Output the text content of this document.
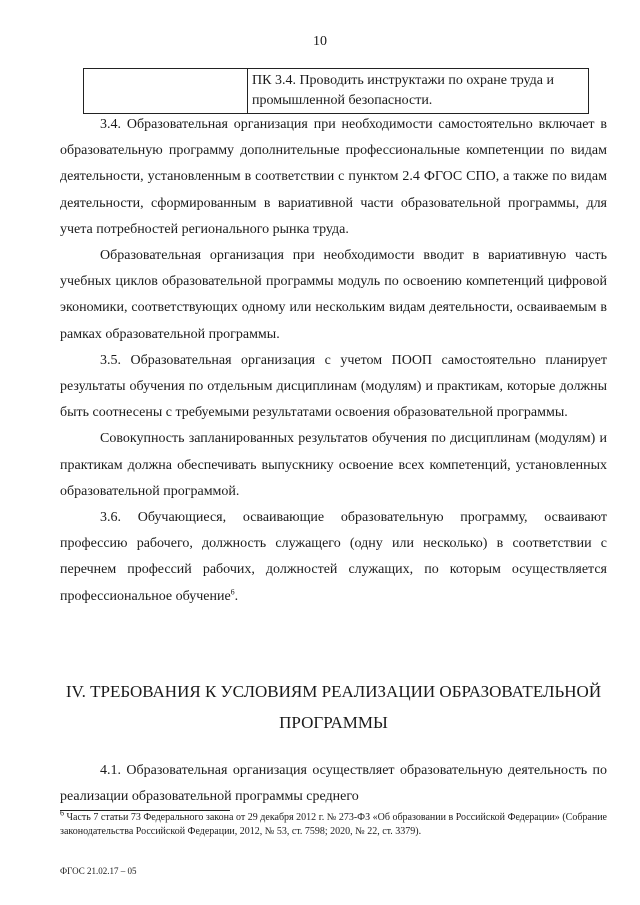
10
	ПК 3.4. Проводить инструктажи по охране труда и промышленной безопасности.

3.4. Образовательная организация при необходимости самостоятельно включает в образовательную программу дополнительные профессиональные компетенции по видам деятельности, установленным в соответствии с пунктом 2.4 ФГОС СПО, а также по видам деятельности, сформированным в вариативной части образовательной программы, для учета потребностей регионального рынка труда.

Образовательная организация при необходимости вводит в вариативную часть учебных циклов образовательной программы модуль по освоению компетенций цифровой экономики, соответствующих одному или нескольким видам деятельности, осваиваемым в рамках образовательной программы.

3.5. Образовательная организация с учетом ПООП самостоятельно планирует результаты обучения по отдельным дисциплинам (модулям) и практикам, которые должны быть соотнесены с требуемыми результатами освоения образовательной программы.

Совокупность запланированных результатов обучения по дисциплинам (модулям) и практикам должна обеспечивать выпускнику освоение всех компетенций, установленных образовательной программой.

3.6. Обучающиеся, осваивающие образовательную программу, осваивают профессию рабочего, должность служащего (одну или несколько) в соответствии с перечнем профессий рабочих, должностей служащих, по которым осуществляется профессиональное обучение$^6$.

IV. ТРЕБОВАНИЯ К УСЛОВИЯМ РЕАЛИЗАЦИИ ОБРАЗОВАТЕЛЬНОЙ ПРОГРАММЫ

4.1. Образовательная организация осуществляет образовательную деятельность по реализации образовательной программы среднего

$^6$ Часть 7 статьи 73 Федерального закона от 29 декабря 2012 г. № 273-ФЗ «Об образовании в Российской Федерации» (Собрание законодательства Российской Федерации, 2012, № 53, ст. 7598; 2020, № 22, ст. 3379).

ФГОС 21.02.17 – 05
